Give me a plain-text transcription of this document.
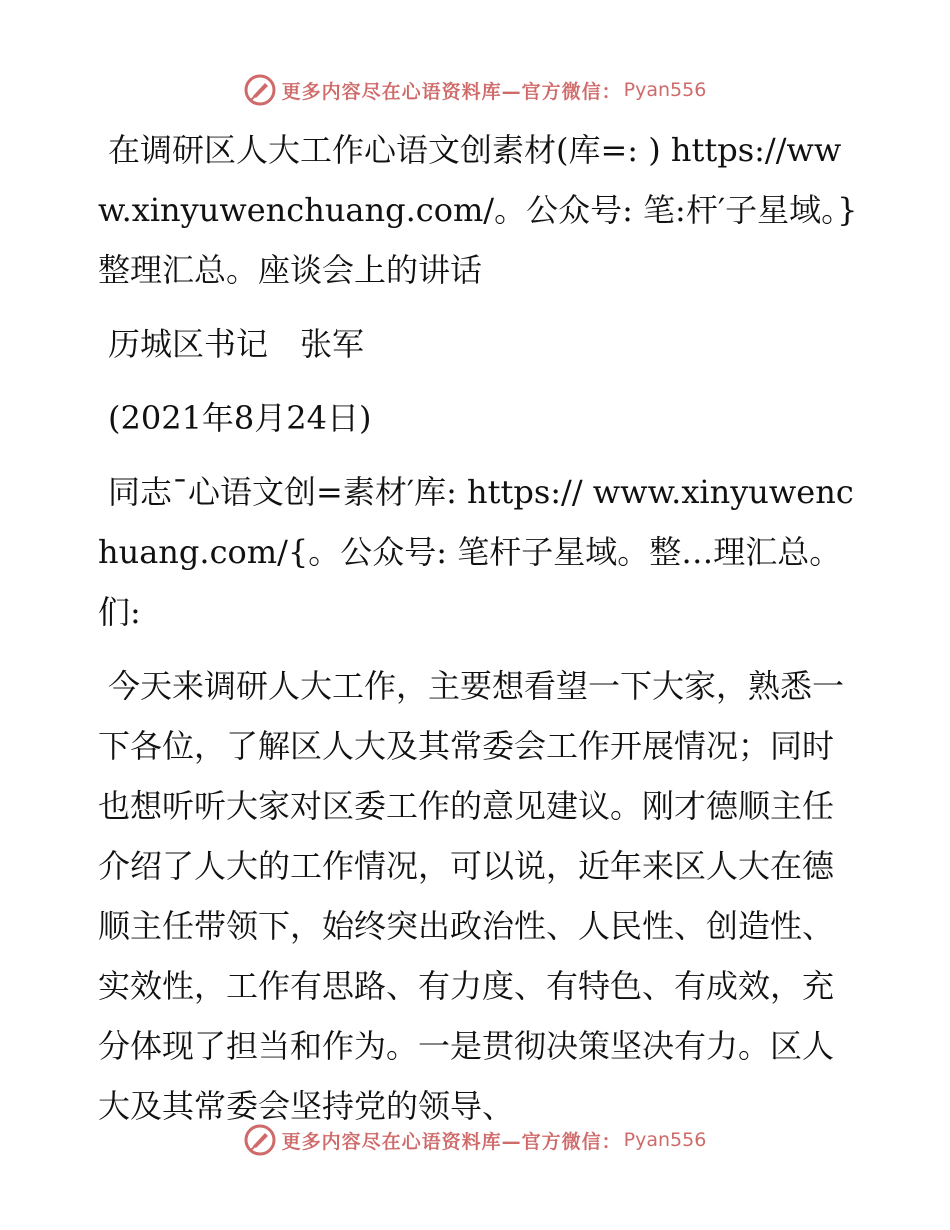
更多内容尽在心语资料库—官方微信： Pyan556

在调研区人大工作心语文创素材(库=: ) https://www.xinyuwenchuang.com/。公众号: 笔:杆′子星域。}整理汇总。座谈会上的讲话

历城区书记　张军

(2021年8月24日)

同志¯心语文创=素材′库: https:// www.xinyuwenchuang.com/{。公众号: 笔杆子星域。整…理汇总。们:

今天来调研人大工作，主要想看望一下大家，熟悉一下各位，了解区人大及其常委会工作开展情况；同时也想听听大家对区委工作的意见建议。刚才德顺主任介绍了人大的工作情况，可以说，近年来区人大在德顺主任带领下，始终突出政治性、人民性、创造性、实效性，工作有思路、有力度、有特色、有成效，充分体现了担当和作为。一是贯彻决策坚决有力。区人大及其常委会坚持党的领导、

更多内容尽在心语资料库—官方微信： Pyan556
